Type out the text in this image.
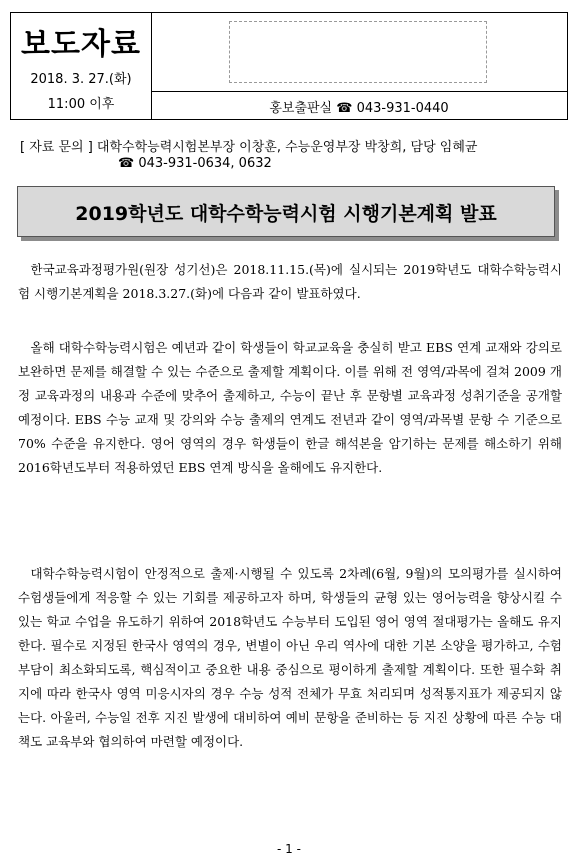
보도자료
2018. 3. 27.(화)
11:00 이후	홍보출판실 ☎ 043-931-0440
[ 자료 문의 ] 대학수학능력시험본부장 이창훈, 수능운영부장 박창희, 담당 임혜균
☎ 043-931-0634, 0632
2019학년도 대학수학능력시험 시행기본계획 발표
한국교육과정평가원(원장 성기선)은 2018.11.15.(목)에 실시되는 2019학년도 대학수학능력시험 시행기본계획을 2018.3.27.(화)에 다음과 같이 발표하였다.
올해 대학수학능력시험은 예년과 같이 학생들이 학교교육을 충실히 받고 EBS 연계 교재와 강의로 보완하면 문제를 해결할 수 있는 수준으로 출제할 계획이다. 이를 위해 전 영역/과목에 걸쳐 2009 개정 교육과정의 내용과 수준에 맞추어 출제하고, 수능이 끝난 후 문항별 교육과정 성취기준을 공개할 예정이다. EBS 수능 교재 및 강의와 수능 출제의 연계도 전년과 같이 영역/과목별 문항 수 기준으로 70% 수준을 유지한다. 영어 영역의 경우 학생들이 한글 해석본을 암기하는 문제를 해소하기 위해 2016학년도부터 적용하였던 EBS 연계 방식을 올해에도 유지한다.
대학수학능력시험이 안정적으로 출제·시행될 수 있도록 2차례(6월, 9월)의 모의평가를 실시하여 수험생들에게 적응할 수 있는 기회를 제공하고자 하며, 학생들의 균형 있는 영어능력을 향상시킬 수 있는 학교 수업을 유도하기 위하여 2018학년도 수능부터 도입된 영어 영역 절대평가는 올해도 유지한다. 필수로 지정된 한국사 영역의 경우, 변별이 아닌 우리 역사에 대한 기본 소양을 평가하고, 수험 부담이 최소화되도록, 핵심적이고 중요한 내용 중심으로 평이하게 출제할 계획이다. 또한 필수화 취지에 따라 한국사 영역 미응시자의 경우 수능 성적 전체가 무효 처리되며 성적통지표가 제공되지 않는다. 아울러, 수능일 전후 지진 발생에 대비하여 예비 문항을 준비하는 등 지진 상황에 따른 수능 대책도 교육부와 협의하여 마련할 예정이다.
- 1 -
